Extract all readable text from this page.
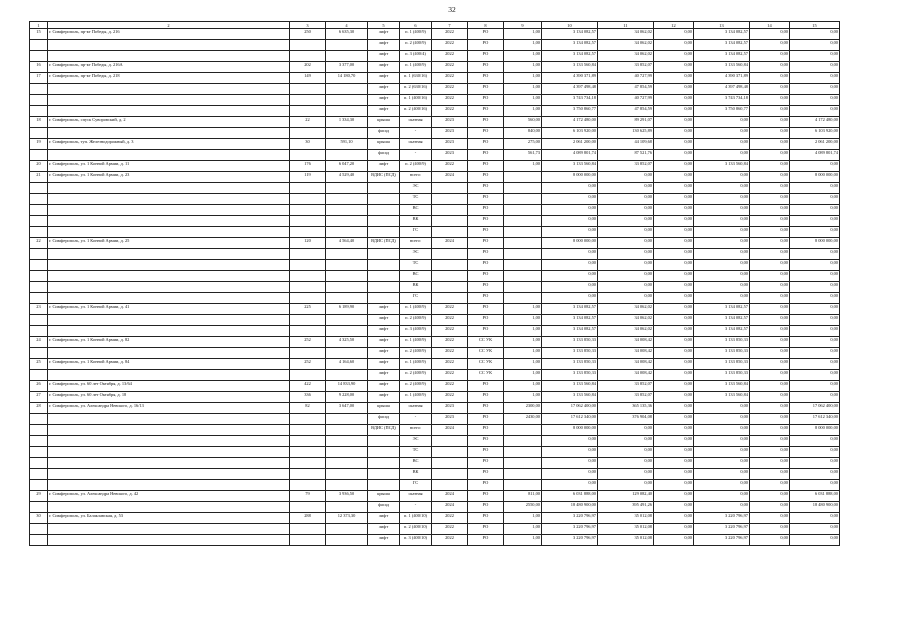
32
1	2	3	4	5	6	7	8	9	10	11	12	13	14	15
15	г. Симферополь, пр-кт Победы, д. 216	250	6 635,30	лифт	п. 1 (400/9)	2022	РО	1,00	3 134 082,57	34 062,02	0,00	3 134 082,57	0,00	0,00
				лифт	п. 2 (400/9)	2022	РО	1,00	3 134 082,57	34 062,02	0,00	3 134 082,57	0,00	0,00
				лифт	п. 3 (400/4)	2022	РО	1,00	3 134 082,57	34 062,02	0,00	3 134 082,57	0,00	0,00
16	г. Симферополь, пр-кт Победы, д. 216А	202	3 377,00	лифт	п. 1 (400/9)	2022	РО	1,00	3 133 560,84	33 852,07	0,00	3 133 560,84	0,00	0,00
17	г. Симферополь, пр-кт Победы, д. 218	149	14 180,70	лифт	п. 1 (630/16)	2022	РО	1,00	4 390 371,89	40 727,99	0,00	4 390 371,89	0,00	0,00
				лифт	п. 2 (630/16)	2022	РО	1,00	4 397 498,48	47 854,59	0,00	4 397 498,48	0,00	0,00
				лифт	п. 1 (400/16)	2022	РО	1,00	3 743 734,18	40 727,99	0,00	3 743 734,18	0,00	0,00
				лифт	п. 2 (400/16)	2022	РО	1,00	3 750 860,77	47 854,59	0,00	3 750 860,77	0,00	0,00
18	г. Симферополь, спуск Суворовский, д. 2	22	1 334,30	крыша	скатная	2023	РО	560,00	4 172 480,00	89 291,07	0,00	0,00	0,00	4 172 480,00
				фасад	-	2023	РО	840,00	6 103 920,00	130 625,89	0,00	0,00	0,00	6 103 920,00
19	г. Симферополь, туп. Железнодорожный, д. 3	30	591,10	крыша	скатная	2023	РО	275,00	2 061 200,00	44 109,68	0,00	0,00	0,00	2 061 200,00
				фасад	-	2023	РО	561,73	4 089 801,74	87 521,76	0,00	0,00	0,00	4 089 801,74
20	г. Симферополь, ул. 1 Конной Армии, д. 11	176	6 047,20	лифт	п. 2 (400/9)	2022	РО	1,00	3 133 560,84	33 852,07	0,00	3 133 560,84	0,00	0,00
21	г. Симферополь, ул. 1 Конной Армии, д. 23	119	4 529,40	ВДИС (ПСД)	всего:	2024	РО		8 000 000,00	0,00	0,00	0,00	0,00	8 000 000,00
					ЭС		РО		0,00	0,00	0,00	0,00	0,00	0,00
					ТС		РО		0,00	0,00	0,00	0,00	0,00	0,00
					ВС		РО		0,00	0,00	0,00	0,00	0,00	0,00
					ВК		РО		0,00	0,00	0,00	0,00	0,00	0,00
					ГС		РО		0,00	0,00	0,00	0,00	0,00	0,00
22	г. Симферополь, ул. 1 Конной Армии, д. 25	120	4 564,40	ВДИС (ПСД)	всего:	2024	РО		8 000 000,00	0,00	0,00	0,00	0,00	8 000 000,00
					ЭС		РО		0,00	0,00	0,00	0,00	0,00	0,00
					ТС		РО		0,00	0,00	0,00	0,00	0,00	0,00
					ВС		РО		0,00	0,00	0,00	0,00	0,00	0,00
					ВК		РО		0,00	0,00	0,00	0,00	0,00	0,00
					ГС		РО		0,00	0,00	0,00	0,00	0,00	0,00
23	г. Симферополь, ул. 1 Конной Армии, д. 41	225	6 189,90	лифт	п. 1 (400/9)	2022	РО	1,00	3 134 082,57	34 062,02	0,00	3 134 082,57	0,00	0,00
				лифт	п. 2 (400/9)	2022	РО	1,00	3 134 082,57	34 062,02	0,00	3 134 082,57	0,00	0,00
				лифт	п. 3 (400/9)	2022	РО	1,00	3 134 082,57	34 062,02	0,00	3 134 082,57	0,00	0,00
24	г. Симферополь, ул. 1 Конной Армии, д. 82	252	4 325,50	лифт	п. 1 (400/9)	2022	СС УК	1,00	3 133 850,33	34 008,42	0,00	3 133 850,33	0,00	0,00
				лифт	п. 2 (400/9)	2022	СС УК	1,00	3 133 850,33	34 008,42	0,00	3 133 850,33	0,00	0,00
25	г. Симферополь, ул. 1 Конной Армии, д. 84	252	4 164,60	лифт	п. 1 (400/9)	2022	СС УК	1,00	3 133 850,33	34 008,42	0,00	3 133 850,33	0,00	0,00
				лифт	п. 2 (400/9)	2022	СС УК	1,00	3 133 850,33	34 008,42	0,00	3 133 850,33	0,00	0,00
26	г. Симферополь, ул. 60 лет Октября, д. 13/64	422	14 833,90	лифт	п. 2 (400/9)	2022	РО	1,00	3 133 560,84	33 852,07	0,00	3 133 560,84	0,00	0,00
27	г. Симферополь, ул. 60 лет Октября, д. 18	336	9 228,00	лифт	п. 1 (400/9)	2022	РО	1,00	3 133 560,84	33 852,07	0,00	3 133 560,84	0,00	0,00
28	г. Симферополь, ул. Александра Невского, д. 16/13	82	3 647,00	крыша	скатная	2023	РО	2300,00	17 062 400,00	365 135,36	0,00	0,00	0,00	17 062 400,00
				фасад	-	2023	РО	2430,00	17 612 340,00	376 904,08	0,00	0,00	0,00	17 612 340,00
				ВДИС (ПСД)	всего:	2024	РО		8 000 000,00	0,00	0,00	0,00	0,00	8 000 000,00
					ЭС		РО		0,00	0,00	0,00	0,00	0,00	0,00
					ТС		РО		0,00	0,00	0,00	0,00	0,00	0,00
					ВС		РО		0,00	0,00	0,00	0,00	0,00	0,00
					ВК		РО		0,00	0,00	0,00	0,00	0,00	0,00
					ГС		РО		0,00	0,00	0,00	0,00	0,00	0,00
29	г. Симферополь, ул. Александра Невского, д. 42	79	3 936,50	крыша	скатная	2024	РО	811,00	6 031 888,00	129 082,40	0,00	0,00	0,00	6 031 888,00
				фасад	-	2024	РО	2550,00	18 480 900,00	395 491,26	0,00	0,00	0,00	18 480 900,00
30	г. Симферополь, ул. Балаклавская, д. 53	288	12 373,30	лифт	п. 1 (400/10)	2022	РО	1,00	3 220 796,97	35 012,08	0,00	3 220 796,97	0,00	0,00
				лифт	п. 2 (400/10)	2022	РО	1,00	3 220 796,97	35 012,08	0,00	3 220 796,97	0,00	0,00
				лифт	п. 3 (400/10)	2022	РО	1,00	3 220 796,97	35 012,08	0,00	3 220 796,97	0,00	0,00
